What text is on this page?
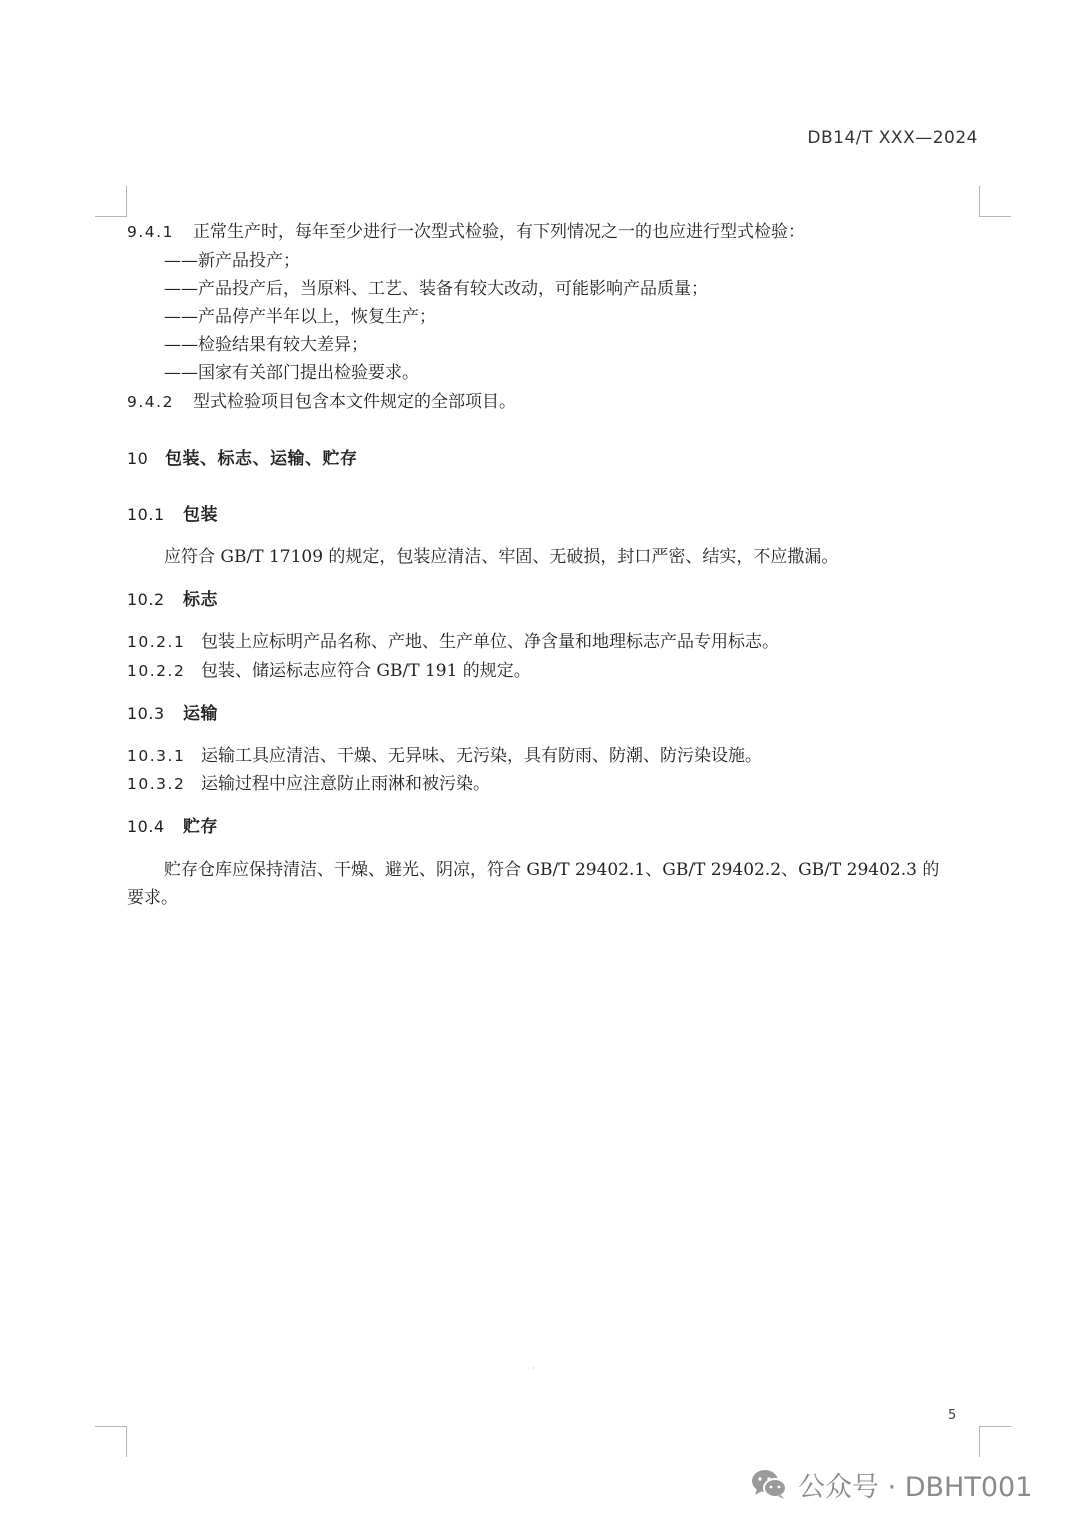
DB14/T XXX—2024
9.4.1 正常生产时，每年至少进行一次型式检验，有下列情况之一的也应进行型式检验：
——新产品投产；
——产品投产后，当原料、工艺、装备有较大改动，可能影响产品质量；
——产品停产半年以上，恢复生产；
——检验结果有较大差异；
——国家有关部门提出检验要求。
9.4.2 型式检验项目包含本文件规定的全部项目。
10 包装、标志、运输、贮存
10.1 包装
应符合 GB/T 17109 的规定，包装应清洁、牢固、无破损，封口严密、结实，不应撒漏。
10.2 标志
10.2.1 包装上应标明产品名称、产地、生产单位、净含量和地理标志产品专用标志。
10.2.2 包装、储运标志应符合 GB/T 191 的规定。
10.3 运输
10.3.1 运输工具应清洁、干燥、无异味、无污染，具有防雨、防潮、防污染设施。
10.3.2 运输过程中应注意防止雨淋和被污染。
10.4 贮存
贮存仓库应保持清洁、干燥、避光、阴凉，符合 GB/T 29402.1、GB/T 29402.2、GB/T 29402.3 的
要求。
·
5
公众号 · DBHT001
